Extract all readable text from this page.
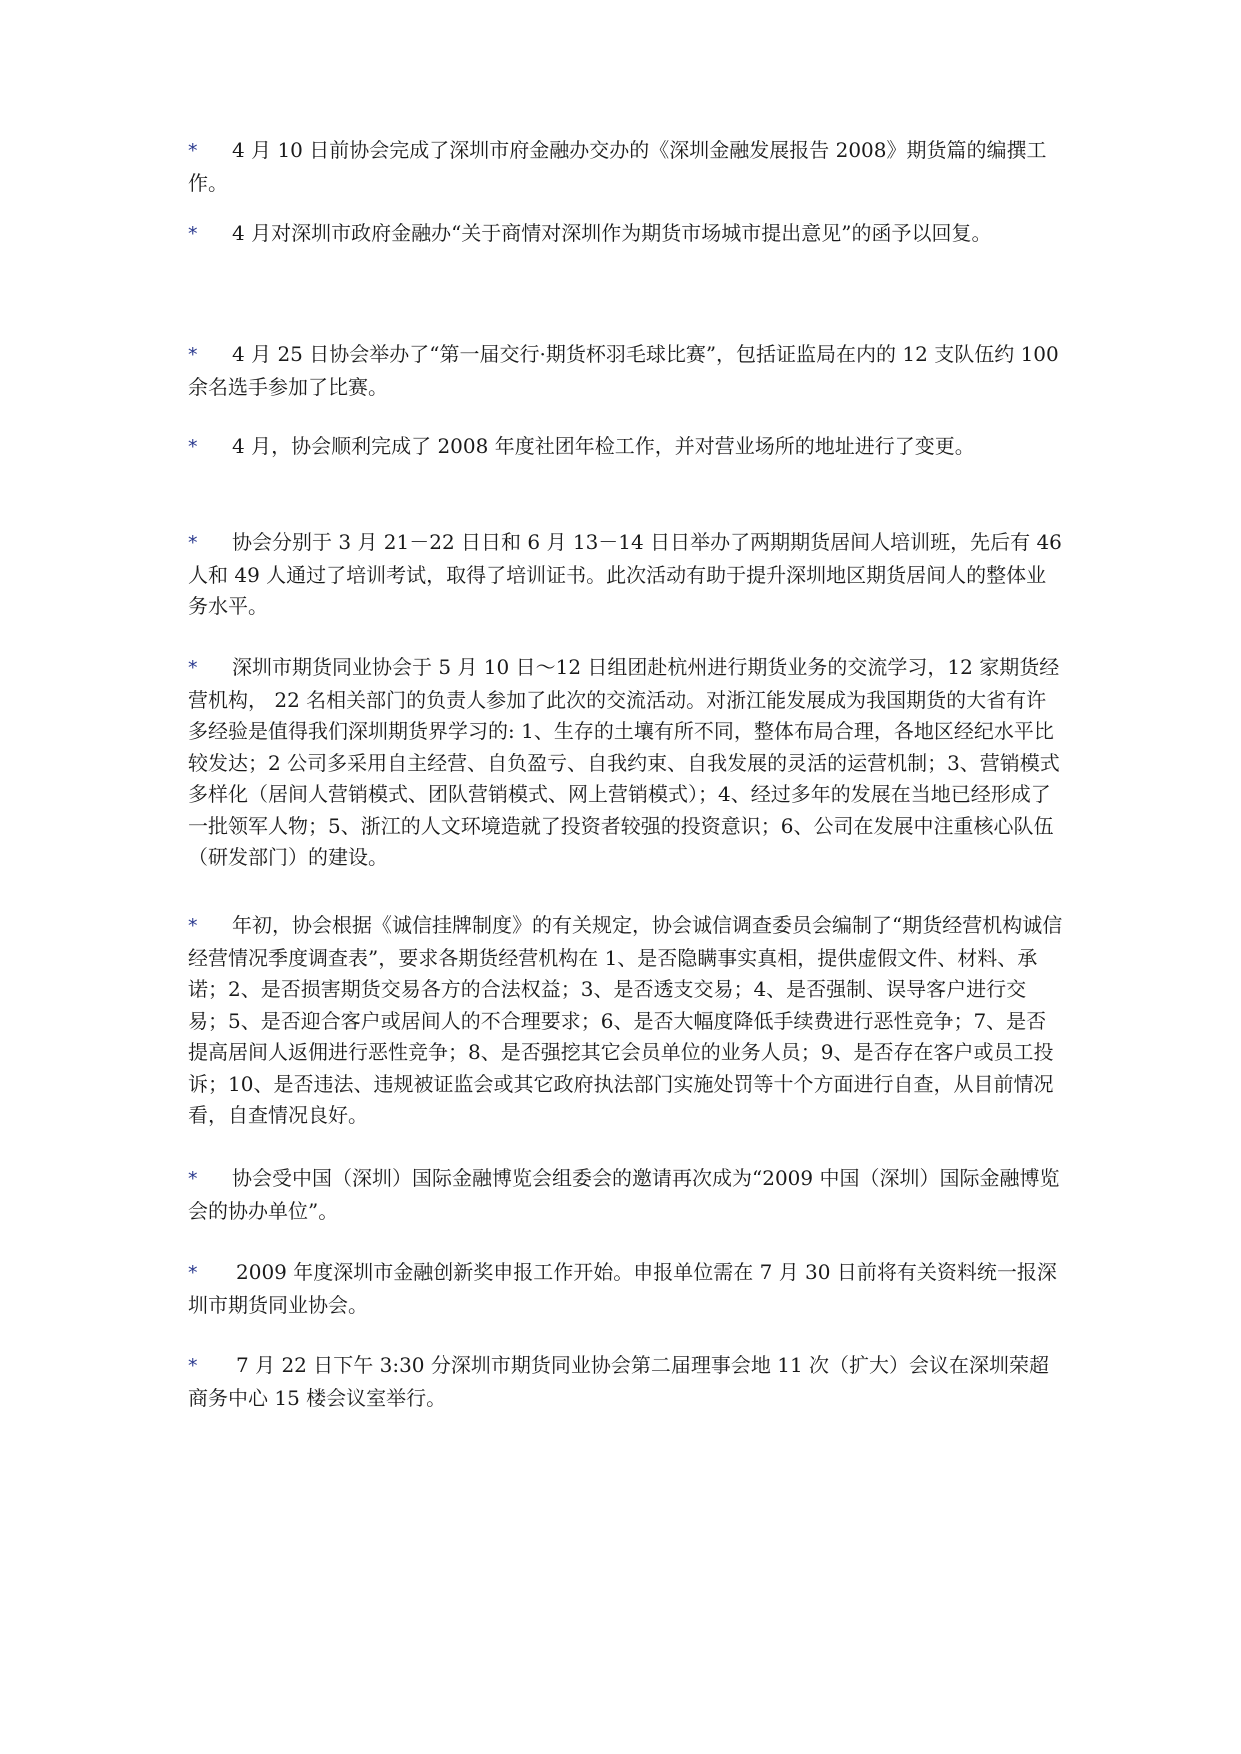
* 4 月 10 日前协会完成了深圳市府金融办交办的《深圳金融发展报告 2008》期货篇的编撰工作。

* 4 月对深圳市政府金融办“关于商情对深圳作为期货市场城市提出意见”的函予以回复。

* 4 月 25 日协会举办了“第一届交行·期货杯羽毛球比赛”，包括证监局在内的 12 支队伍约 100 余名选手参加了比赛。

* 4 月，协会顺利完成了 2008 年度社团年检工作，并对营业场所的地址进行了变更。

* 协会分别于 3 月 21－22 日日和 6 月 13－14 日日举办了两期期货居间人培训班，先后有 46 人和 49 人通过了培训考试，取得了培训证书。此次活动有助于提升深圳地区期货居间人的整体业务水平。

* 深圳市期货同业协会于 5 月 10 日～12 日组团赴杭州进行期货业务的交流学习，12 家期货经营机构， 22 名相关部门的负责人参加了此次的交流活动。对浙江能发展成为我国期货的大省有许多经验是值得我们深圳期货界学习的: 1、生存的土壤有所不同，整体布局合理，各地区经纪水平比较发达；2 公司多采用自主经营、自负盈亏、自我约束、自我发展的灵活的运营机制；3、营销模式多样化（居间人营销模式、团队营销模式、网上营销模式）；4、经过多年的发展在当地已经形成了一批领军人物；5、浙江的人文环境造就了投资者较强的投资意识；6、公司在发展中注重核心队伍（研发部门）的建设。

* 年初，协会根据《诚信挂牌制度》的有关规定，协会诚信调查委员会编制了“期货经营机构诚信经营情况季度调查表”，要求各期货经营机构在 1、是否隐瞒事实真相，提供虚假文件、材料、承诺；2、是否损害期货交易各方的合法权益；3、是否透支交易；4、是否强制、误导客户进行交易；5、是否迎合客户或居间人的不合理要求；6、是否大幅度降低手续费进行恶性竞争；7、是否提高居间人返佣进行恶性竞争；8、是否强挖其它会员单位的业务人员；9、是否存在客户或员工投诉；10、是否违法、违规被证监会或其它政府执法部门实施处罚等十个方面进行自查，从目前情况看，自查情况良好。

* 协会受中国（深圳）国际金融博览会组委会的邀请再次成为“2009 中国（深圳）国际金融博览会的协办单位”。

* 2009 年度深圳市金融创新奖申报工作开始。申报单位需在 7 月 30 日前将有关资料统一报深圳市期货同业协会。

* 7 月 22 日下午 3:30 分深圳市期货同业协会第二届理事会地 11 次（扩大）会议在深圳荣超商务中心 15 楼会议室举行。
